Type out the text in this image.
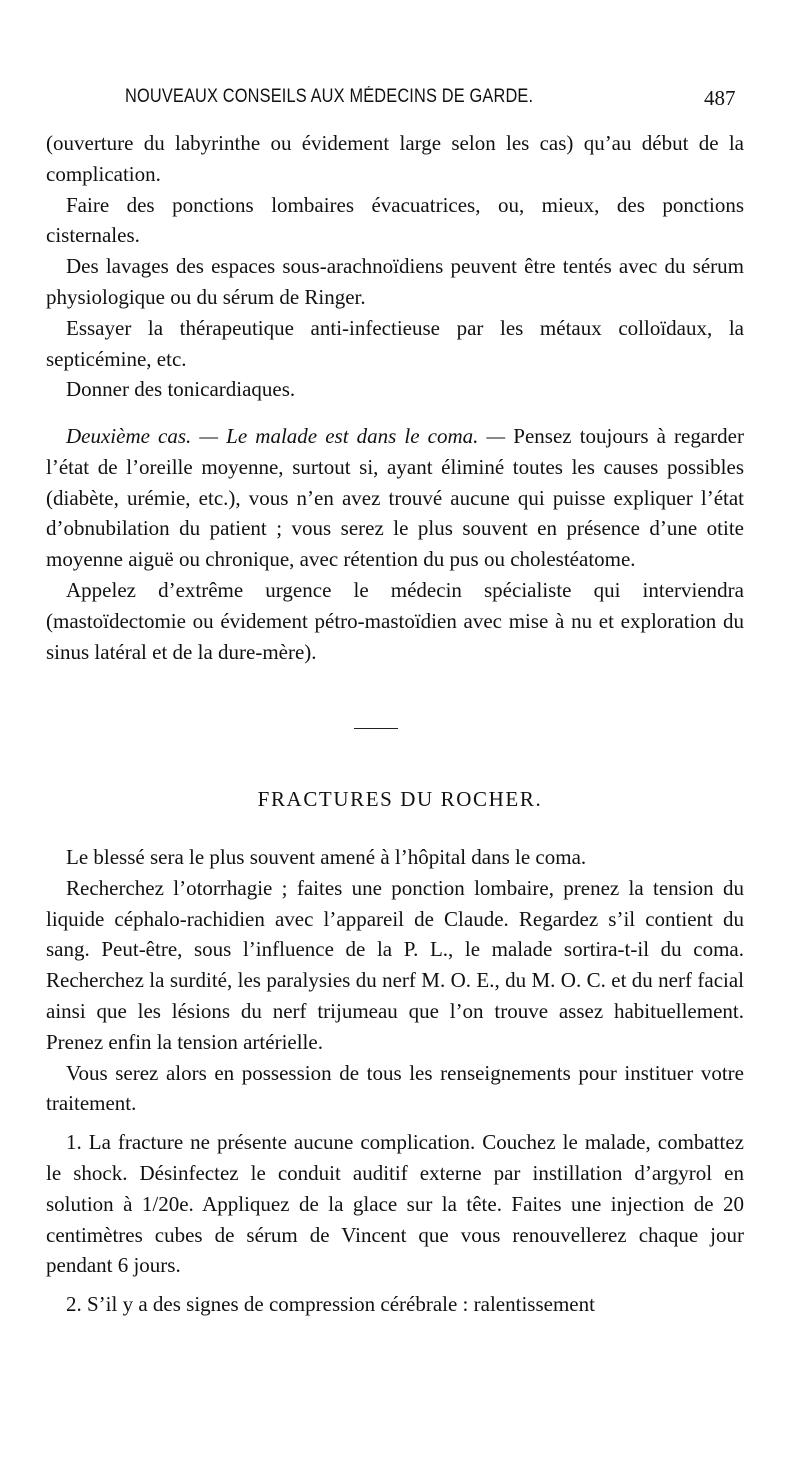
NOUVEAUX CONSEILS AUX MÉDECINS DE GARDE.	487

(ouverture du labyrinthe ou évidement large selon les cas) qu’au début de la complication.

Faire des ponctions lombaires évacuatrices, ou, mieux, des ponctions cisternales.

Des lavages des espaces sous-arachnoïdiens peuvent être tentés avec du sérum physiologique ou du sérum de Ringer.

Essayer la thérapeutique anti-infectieuse par les métaux colloïdaux, la septicémine, etc.

Donner des tonicardiaques.

Deuxième cas. — Le malade est dans le coma. — Pensez toujours à regarder l’état de l’oreille moyenne, surtout si, ayant éliminé toutes les causes possibles (diabète, urémie, etc.), vous n’en avez trouvé aucune qui puisse expliquer l’état d’obnubilation du patient ; vous serez le plus souvent en présence d’une otite moyenne aiguë ou chronique, avec rétention du pus ou cholestéatome.

Appelez d’extrême urgence le médecin spécialiste qui interviendra (mastoïdectomie ou évidement pétro-mastoïdien avec mise à nu et exploration du sinus latéral et de la dure-mère).

FRACTURES DU ROCHER.

Le blessé sera le plus souvent amené à l’hôpital dans le coma.

Recherchez l’otorrhagie ; faites une ponction lombaire, prenez la tension du liquide céphalo-rachidien avec l’appareil de Claude. Regardez s’il contient du sang. Peut-être, sous l’influence de la P. L., le malade sortira-t-il du coma. Recherchez la surdité, les paralysies du nerf M. O. E., du M. O. C. et du nerf facial ainsi que les lésions du nerf trijumeau que l’on trouve assez habituellement. Prenez enfin la tension artérielle.

Vous serez alors en possession de tous les renseignements pour instituer votre traitement.

1. La fracture ne présente aucune complication. Couchez le malade, combattez le shock. Désinfectez le conduit auditif externe par instillation d’argyrol en solution à 1/20e. Appliquez de la glace sur la tête. Faites une injection de 20 centimètres cubes de sérum de Vincent que vous renouvellerez chaque jour pendant 6 jours.

2. S’il y a des signes de compression cérébrale : ralentissement
